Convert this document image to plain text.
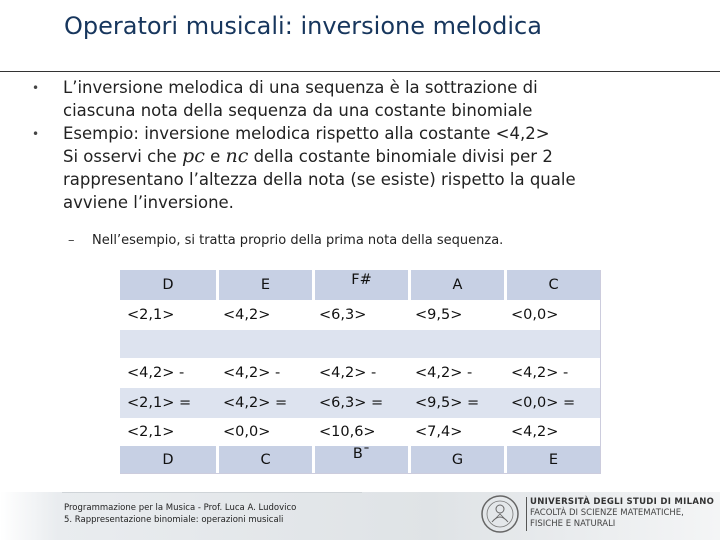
Operatori musicali: inversione melodica
• L’inversione melodica di una sequenza è la sottrazione di
ciascuna nota della sequenza da una costante binomiale
• Esempio: inversione melodica rispetto alla costante <4,2>
Si osservi che pc e nc della costante binomiale divisi per 2
rappresentano l’altezza della nota (se esiste) rispetto la quale
avviene l’inversione.
– Nell’esempio, si tratta proprio della prima nota della sequenza.
D	E	F#	A	C
<2,1>	<4,2>	<6,3>	<9,5>	<0,0>
<4,2> -	<4,2> -	<4,2> -	<4,2> -	<4,2> -
<2,1> =	<4,2> =	<6,3> =	<9,5> =	<0,0> =
<2,1>	<0,0>	<10,6>	<7,4>	<4,2>
D	C	B¯	G	E
Programmazione per la Musica - Prof. Luca A. Ludovico
5. Rappresentazione binomiale: operazioni musicali
UNIVERSITÀ DEGLI STUDI DI MILANO
FACOLTÀ DI SCIENZE MATEMATICHE,
FISICHE E NATURALI
